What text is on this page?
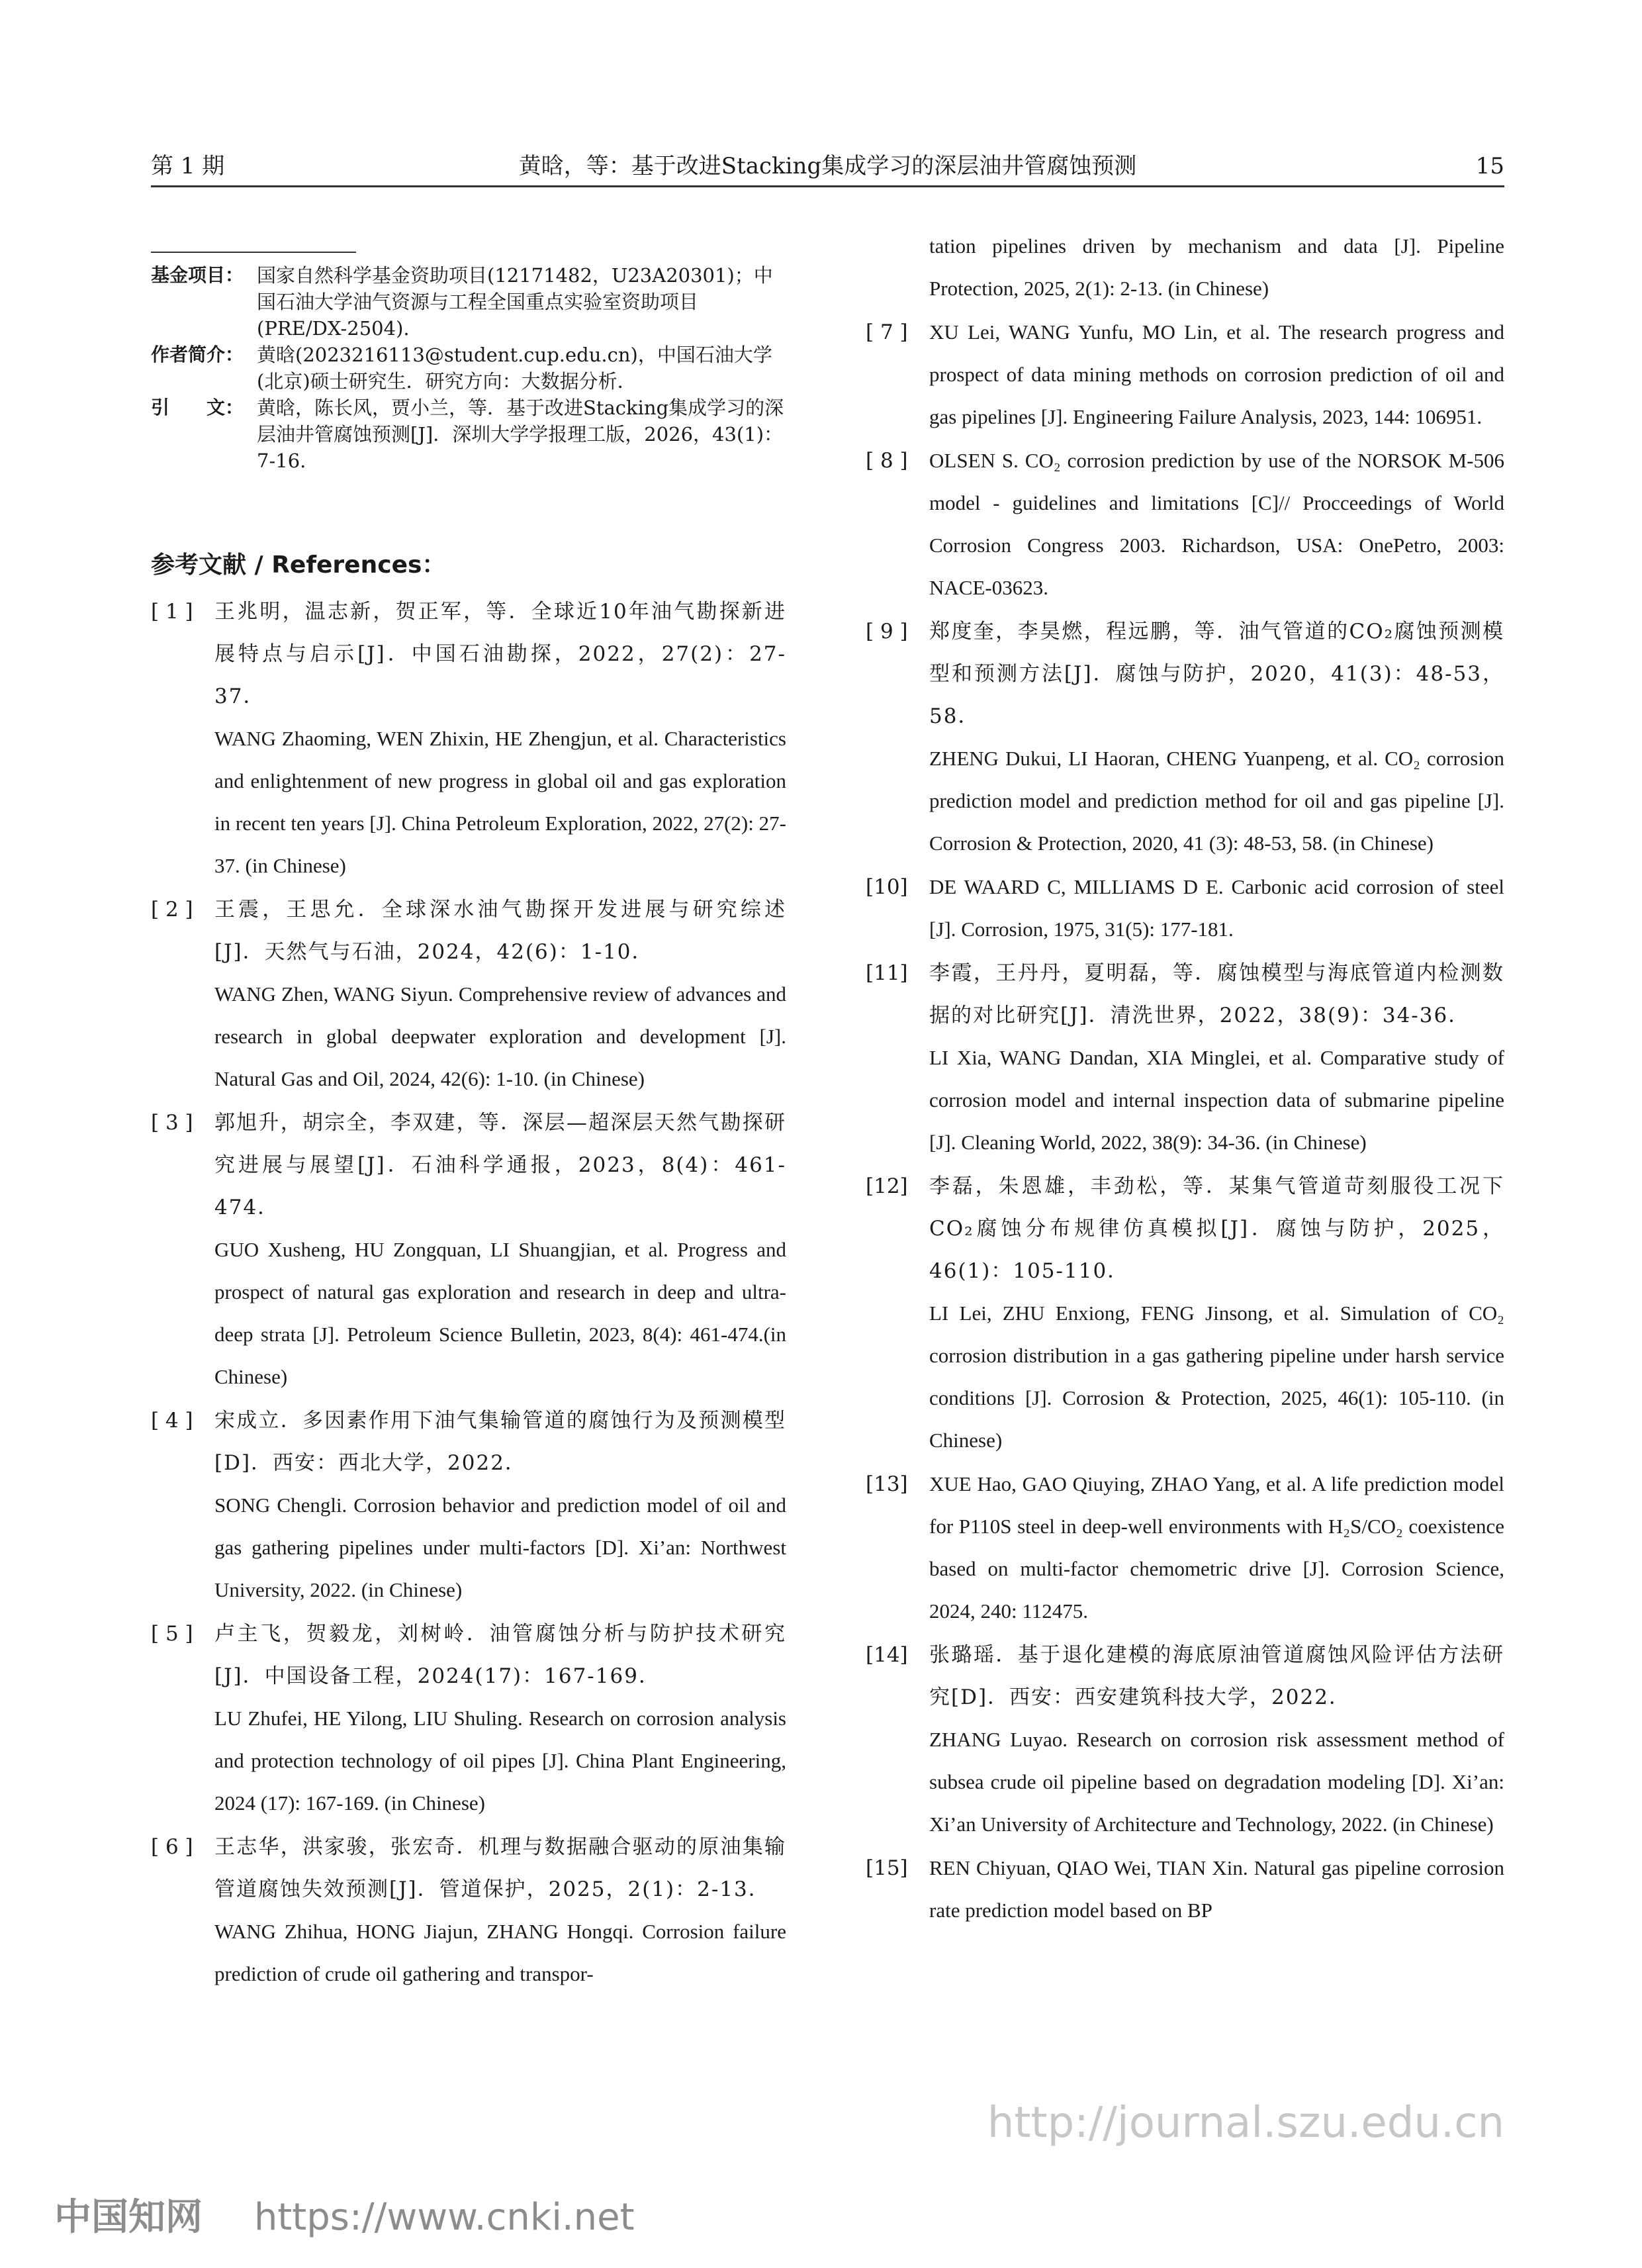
第 1 期	黄晗，等：基于改进Stacking集成学习的深层油井管腐蚀预测	15
基金项目： 国家自然科学基金资助项目(12171482，U23A20301)；中国石油大学油气资源与工程全国重点实验室资助项目(PRE/DX-2504).
作者简介： 黄晗(2023216113@student.cup.edu.cn)，中国石油大学(北京)硕士研究生．研究方向：大数据分析．
引　　文： 黄晗，陈长风，贾小兰，等．基于改进Stacking集成学习的深层油井管腐蚀预测[J]．深圳大学学报理工版，2026，43(1)：7-16.
参考文献 / References：
[ 1 ]	王兆明，温志新，贺正军，等．全球近10年油气勘探新进展特点与启示[J]．中国石油勘探，2022，27(2)：27-37．

WANG Zhaoming, WEN Zhixin, HE Zhengjun, et al. Characteristics and enlightenment of new progress in global oil and gas exploration in recent ten years [J]. China Petroleum Exploration, 2022, 27(2): 27-37. (in Chinese)

[ 2 ]	王震，王思允．全球深水油气勘探开发进展与研究综述[J]．天然气与石油，2024，42(6)：1-10．

WANG Zhen, WANG Siyun. Comprehensive review of advances and research in global deepwater exploration and development [J]. Natural Gas and Oil, 2024, 42(6): 1-10. (in Chinese)

[ 3 ]	郭旭升，胡宗全，李双建，等．深层—超深层天然气勘探研究进展与展望[J]．石油科学通报，2023，8(4)：461-474．

GUO Xusheng, HU Zongquan, LI Shuangjian, et al. Progress and prospect of natural gas exploration and research in deep and ultra-deep strata [J]. Petroleum Science Bulletin, 2023, 8(4): 461-474.(in Chinese)

[ 4 ]	宋成立．多因素作用下油气集输管道的腐蚀行为及预测模型[D]．西安：西北大学，2022．

SONG Chengli. Corrosion behavior and prediction model of oil and gas gathering pipelines under multi-factors [D]. Xi’an: Northwest University, 2022. (in Chinese)

[ 5 ]	卢主飞，贺毅龙，刘树岭．油管腐蚀分析与防护技术研究[J]．中国设备工程，2024(17)：167-169．

LU Zhufei, HE Yilong, LIU Shuling. Research on corrosion analysis and protection technology of oil pipes [J]. China Plant Engineering, 2024 (17): 167-169. (in Chinese)

[ 6 ]	王志华，洪家骏，张宏奇．机理与数据融合驱动的原油集输管道腐蚀失效预测[J]．管道保护，2025，2(1)：2-13．

WANG Zhihua, HONG Jiajun, ZHANG Hongqi. Corrosion failure prediction of crude oil gathering and transpor-

tation pipelines driven by mechanism and data [J]. Pipeline Protection, 2025, 2(1): 2-13. (in Chinese)
[ 7 ]	XU Lei, WANG Yunfu, MO Lin, et al. The research progress and prospect of data mining methods on corrosion prediction of oil and gas pipelines [J]. Engineering Failure Analysis, 2023, 144: 106951.

[ 8 ]	OLSEN S. CO₂ corrosion prediction by use of the NORSOK M-506 model - guidelines and limitations [C]// Procceedings of World Corrosion Congress 2003. Richardson, USA: OnePetro, 2003: NACE-03623.

[ 9 ]	郑度奎，李昊燃，程远鹏，等．油气管道的CO₂腐蚀预测模型和预测方法[J]．腐蚀与防护，2020，41(3)：48-53，58．

ZHENG Dukui, LI Haoran, CHENG Yuanpeng, et al. CO₂ corrosion prediction model and prediction method for oil and gas pipeline [J]. Corrosion & Protection, 2020, 41 (3): 48-53, 58. (in Chinese)

[10]	DE WAARD C, MILLIAMS D E. Carbonic acid corrosion of steel [J]. Corrosion, 1975, 31(5): 177-181.

[11]	李霞，王丹丹，夏明磊，等．腐蚀模型与海底管道内检测数据的对比研究[J]．清洗世界，2022，38(9)：34-36．

LI Xia, WANG Dandan, XIA Minglei, et al. Comparative study of corrosion model and internal inspection data of submarine pipeline [J]. Cleaning World, 2022, 38(9): 34-36. (in Chinese)

[12]	李磊，朱恩雄，丰劲松，等．某集气管道苛刻服役工况下CO₂腐蚀分布规律仿真模拟[J]．腐蚀与防护，2025，46(1)：105-110．

LI Lei, ZHU Enxiong, FENG Jinsong, et al. Simulation of CO₂ corrosion distribution in a gas gathering pipeline under harsh service conditions [J]. Corrosion & Protection, 2025, 46(1): 105-110. (in Chinese)

[13]	XUE Hao, GAO Qiuying, ZHAO Yang, et al. A life prediction model for P110S steel in deep-well environments with H₂S/CO₂ coexistence based on multi-factor chemometric drive [J]. Corrosion Science, 2024, 240: 112475.

[14]	张璐瑶．基于退化建模的海底原油管道腐蚀风险评估方法研究[D]．西安：西安建筑科技大学，2022．

ZHANG Luyao. Research on corrosion risk assessment method of subsea crude oil pipeline based on degradation modeling [D]. Xi’an: Xi’an University of Architecture and Technology, 2022. (in Chinese)

[15]	REN Chiyuan, QIAO Wei, TIAN Xin. Natural gas pipeline corrosion rate prediction model based on BP

http://journal.szu.edu.cn
中国知网 https://www.cnki.net
